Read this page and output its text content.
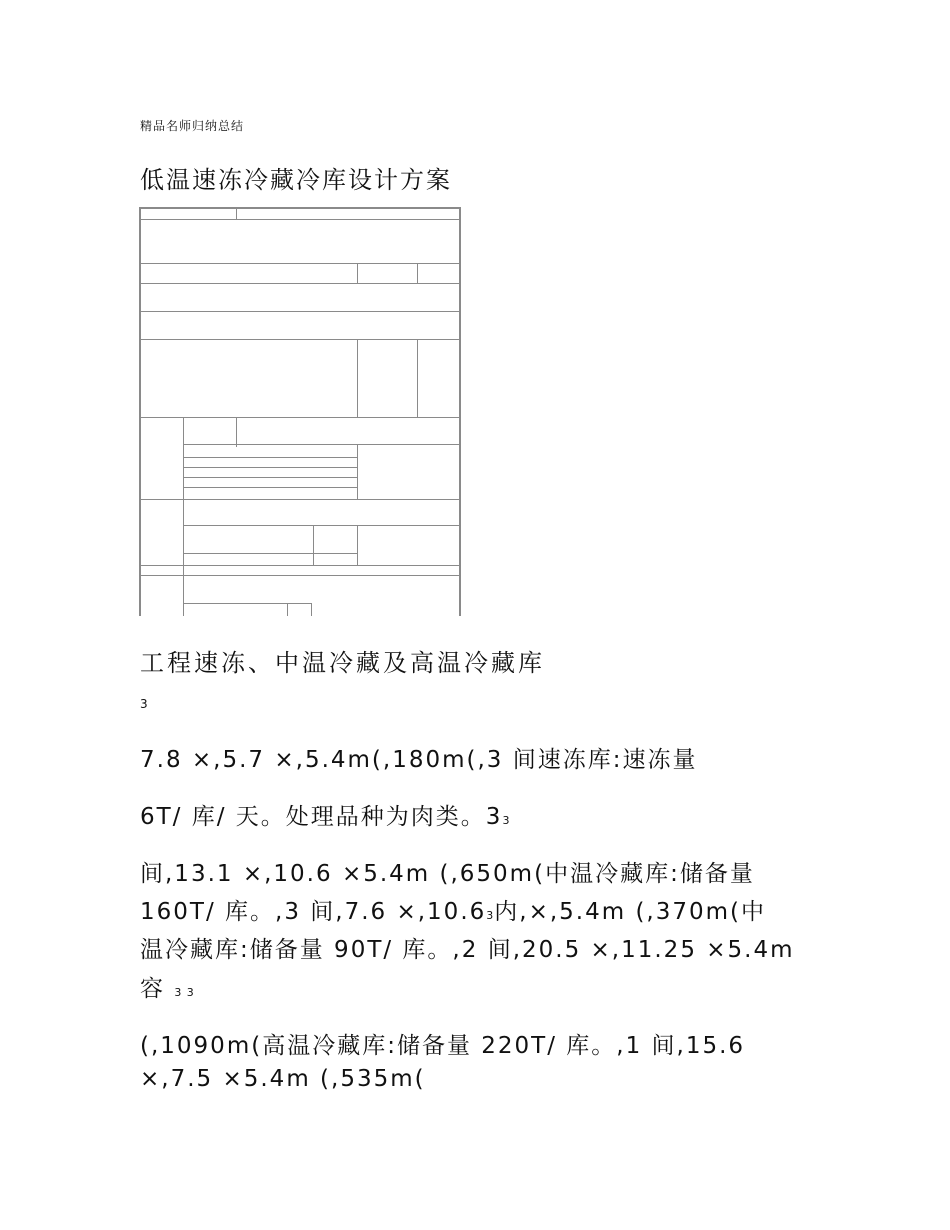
精品名师归纳总结
低温速冻冷藏冷库设计方案
工程速冻、中温冷藏及高温冷藏库
3
7.8 ×,5.7 ×,5.4m(,180m(,3 间速冻库:速冻量
6T/ 库/ 天。处理品种为肉类。33
间,13.1 ×,10.6 ×5.4m (,650m(中温冷藏库:储备量
160T/ 库。,3 间,7.6 ×,10.63内,×,5.4m (,370m(中
温冷藏库:储备量 90T/ 库。,2 间,20.5 ×,11.25 ×5.4m
容 3 3
(,1090m(高温冷藏库:储备量 220T/ 库。,1 间,15.6
×,7.5 ×5.4m (,535m(
